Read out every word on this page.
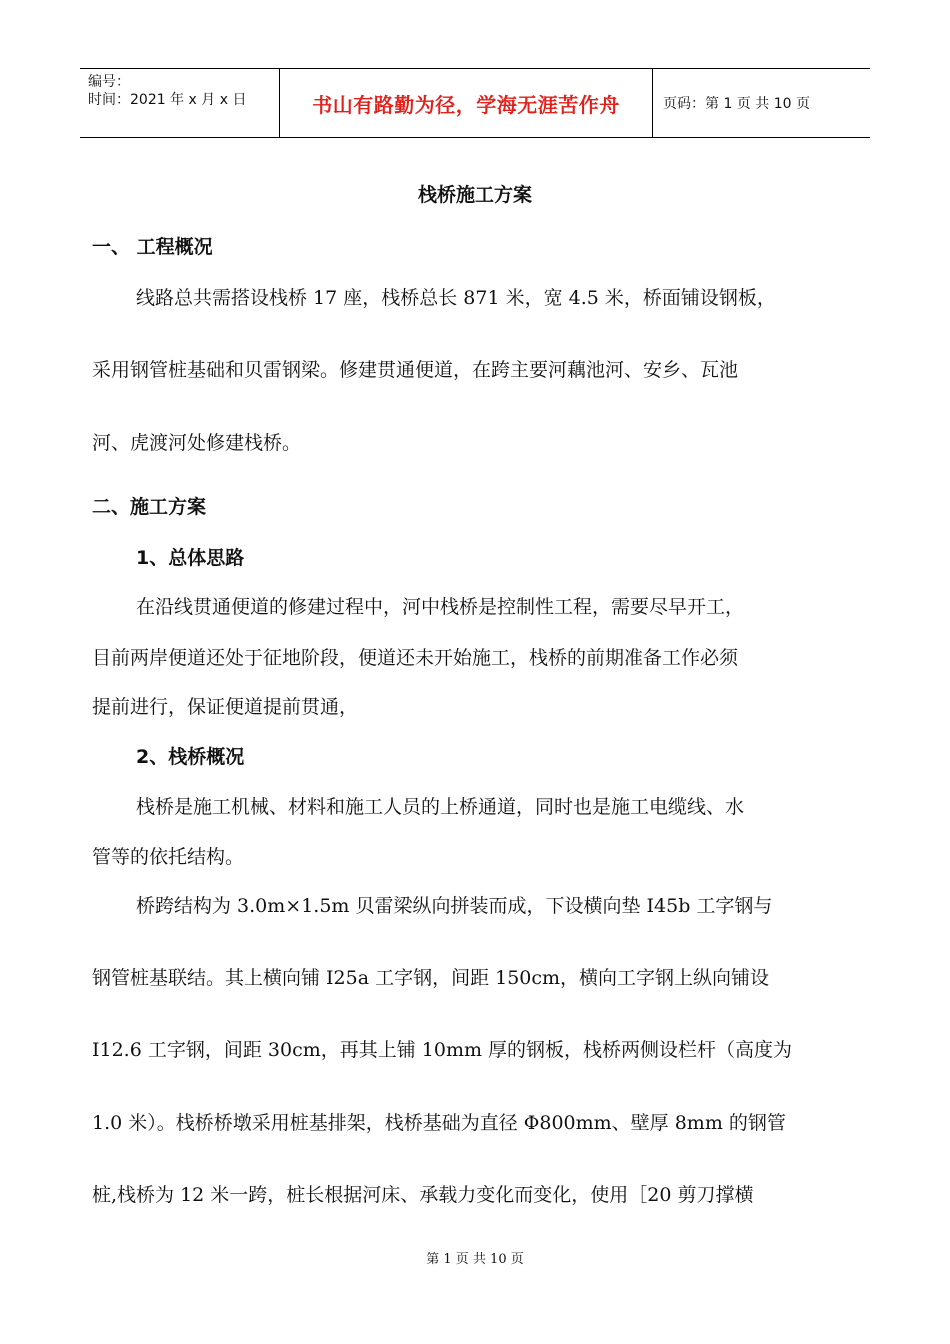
编号：
时间：2021 年 x 月 x 日	书山有路勤为径，学海无涯苦作舟	页码：第 1 页 共 10 页
栈桥施工方案
一、 工程概况
线路总共需搭设栈桥 17 座，栈桥总长 871 米，宽 4.5 米，桥面铺设钢板，
采用钢管桩基础和贝雷钢梁。修建贯通便道，在跨主要河藕池河、安乡、瓦池
河、虎渡河处修建栈桥。
二、施工方案
1、总体思路
在沿线贯通便道的修建过程中，河中栈桥是控制性工程，需要尽早开工，
目前两岸便道还处于征地阶段，便道还未开始施工，栈桥的前期准备工作必须
提前进行，保证便道提前贯通，
2、栈桥概况
栈桥是施工机械、材料和施工人员的上桥通道，同时也是施工电缆线、水
管等的依托结构。
桥跨结构为 3.0m×1.5m 贝雷梁纵向拼装而成，下设横向垫 I45b 工字钢与
钢管桩基联结。其上横向铺 I25a 工字钢，间距 150cm，横向工字钢上纵向铺设
I12.6 工字钢，间距 30cm，再其上铺 10mm 厚的钢板，栈桥两侧设栏杆（高度为
1.0 米）。栈桥桥墩采用桩基排架，栈桥基础为直径 Φ800mm、壁厚 8mm 的钢管
桩,栈桥为 12 米一跨，桩长根据河床、承载力变化而变化，使用［20 剪刀撑横
第 1 页 共 10 页
